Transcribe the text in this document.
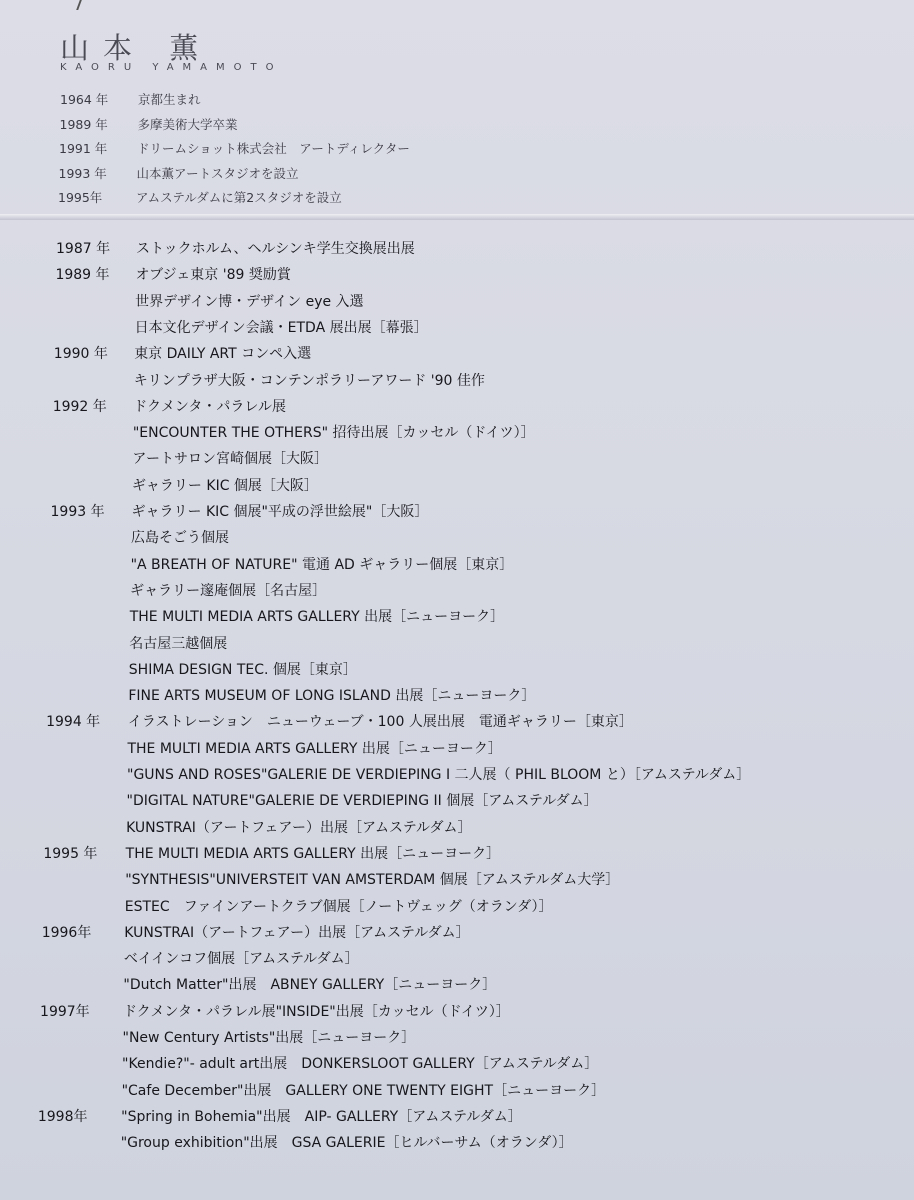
山本 薫
KAORU YAMAMOTO
1964 年 京都生まれ
1989 年 多摩美術大学卒業
1991 年 ドリームショット株式会社　アートディレクター
1993 年 山本薫アートスタジオを設立
1995年	アムステルダムに第2スタジオを設立
1987 年 ストックホルム、ヘルシンキ学生交換展出展
1989 年 オブジェ東京 '89 奨励賞
世界デザイン博・デザイン eye 入選
日本文化デザイン会議・ETDA 展出展［幕張］
1990 年 東京 DAILY ART コンペ入選
キリンプラザ大阪・コンテンポラリーアワード '90 佳作
1992 年 ドクメンタ・パラレル展
"ENCOUNTER THE OTHERS" 招待出展［カッセル（ドイツ）］
アートサロン宮崎個展［大阪］
ギャラリー KIC 個展［大阪］
1993 年 ギャラリー KIC 個展"平成の浮世絵展"［大阪］
広島そごう個展
"A BREATH OF NATURE" 電通 AD ギャラリー個展［東京］
ギャラリー邃庵個展［名古屋］
THE MULTI MEDIA ARTS GALLERY 出展［ニューヨーク］
名古屋三越個展
SHIMA DESIGN TEC. 個展［東京］
FINE ARTS MUSEUM OF LONG ISLAND 出展［ニューヨーク］
1994 年 イラストレーション　ニューウェーブ・100 人展出展　電通ギャラリー［東京］
THE MULTI MEDIA ARTS GALLERY 出展［ニューヨーク］
"GUNS AND ROSES"GALERIE DE VERDIEPING I 二人展（ PHIL BLOOM と）［アムステルダム］
"DIGITAL NATURE"GALERIE DE VERDIEPING II 個展［アムステルダム］
KUNSTRAI（アートフェアー）出展［アムステルダム］
1995 年 THE MULTI MEDIA ARTS GALLERY 出展［ニューヨーク］
"SYNTHESIS"UNIVERSTEIT VAN AMSTERDAM 個展［アムステルダム大学］
ESTEC　ファインアートクラブ個展［ノートヴェッグ（オランダ）］
1996年 KUNSTRAI（アートフェアー）出展［アムステルダム］
ベイインコフ個展［アムステルダム］
"Dutch Matter"出展　ABNEY GALLERY［ニューヨーク］
1997年 ドクメンタ・パラレル展"INSIDE"出展［カッセル（ドイツ）］
"New Century Artists"出展［ニューヨーク］
"Kendie?"- adult art出展　DONKERSLOOT GALLERY［アムステルダム］
"Cafe December"出展　GALLERY ONE TWENTY EIGHT［ニューヨーク］
1998年 "Spring in Bohemia"出展　AIP- GALLERY［アムステルダム］
"Group exhibition"出展　GSA GALERIE［ヒルバーサム（オランダ）］
